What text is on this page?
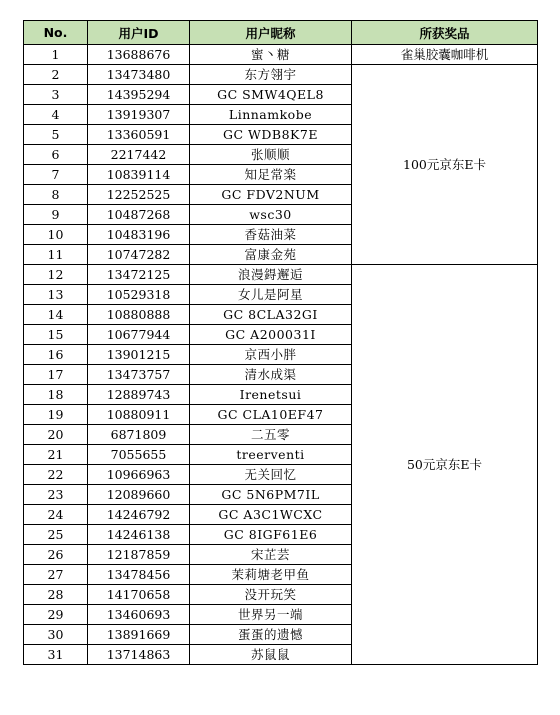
No.	用户ID	用户昵称	所获奖品
1	13688676	蜜丶糖	雀巢胶囊咖啡机
2	13473480	东方翎宇	100元京东E卡
3	14395294	GC SMW4QEL8	
4	13919307	Linnamkobe	
5	13360591	GC WDB8K7E	
6	2217442	张顺顺	
7	10839114	知足常楽	
8	12252525	GC FDV2NUM	
9	10487268	wsc30	
10	10483196	香菇油菜	
11	10747282	富康金苑	
12	13472125	浪漫鍀邂逅	50元京东E卡
13	10529318	女儿是阿星	
14	10880888	GC 8CLA32GI	
15	10677944	GC A200031I	
16	13901215	京西小胖	
17	13473757	清水成渠	
18	12889743	Irenetsui	
19	10880911	GC CLA10EF47	
20	6871809	二五零	
21	7055655	treerventi	
22	10966963	无关回忆	
23	12089660	GC 5N6PM7IL	
24	14246792	GC A3C1WCXC	
25	14246138	GC 8IGF61E6	
26	12187859	宋芷芸	
27	13478456	茉莉塘老甲鱼	
28	14170658	没开玩笑	
29	13460693	世界另一端	
30	13891669	蛋蛋的遗憾	
31	13714863	苏鼠鼠	
